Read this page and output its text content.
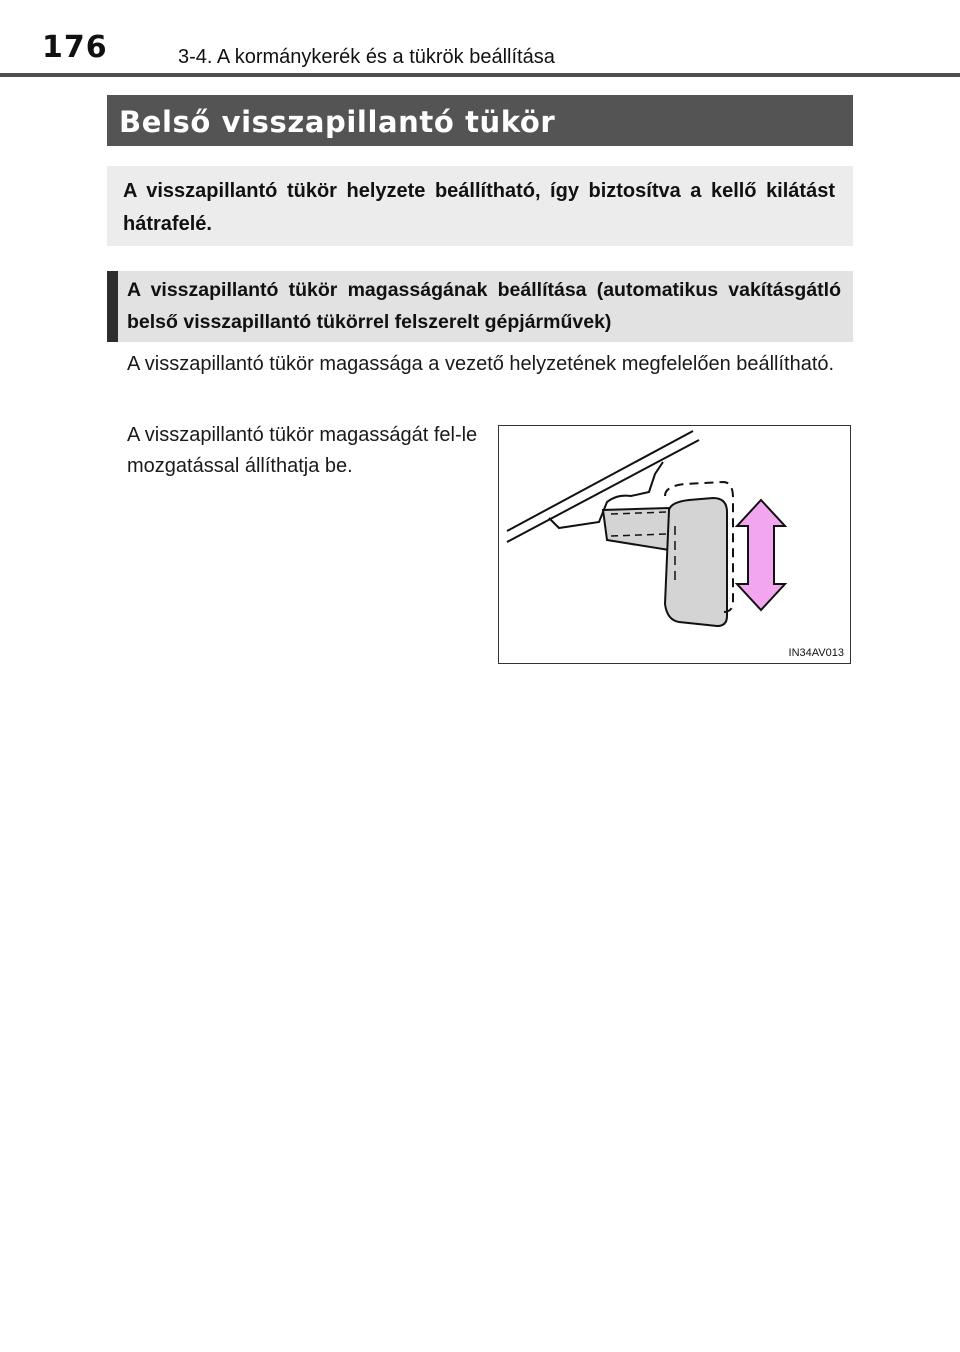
176	3-4. A kormánykerék és a tükrök beállítása
Belső visszapillantó tükör
A visszapillantó tükör helyzete beállítható, így biztosítva a kellő kilátást hátrafelé.
A visszapillantó tükör magasságának beállítása (automatikus vakításgátló belső visszapillantó tükörrel felszerelt gépjárművek)
A visszapillantó tükör magassága a vezető helyzetének megfelelően beállítható.
A visszapillantó tükör magasságát fel-le mozgatással állíthatja be.
IN34AV013
